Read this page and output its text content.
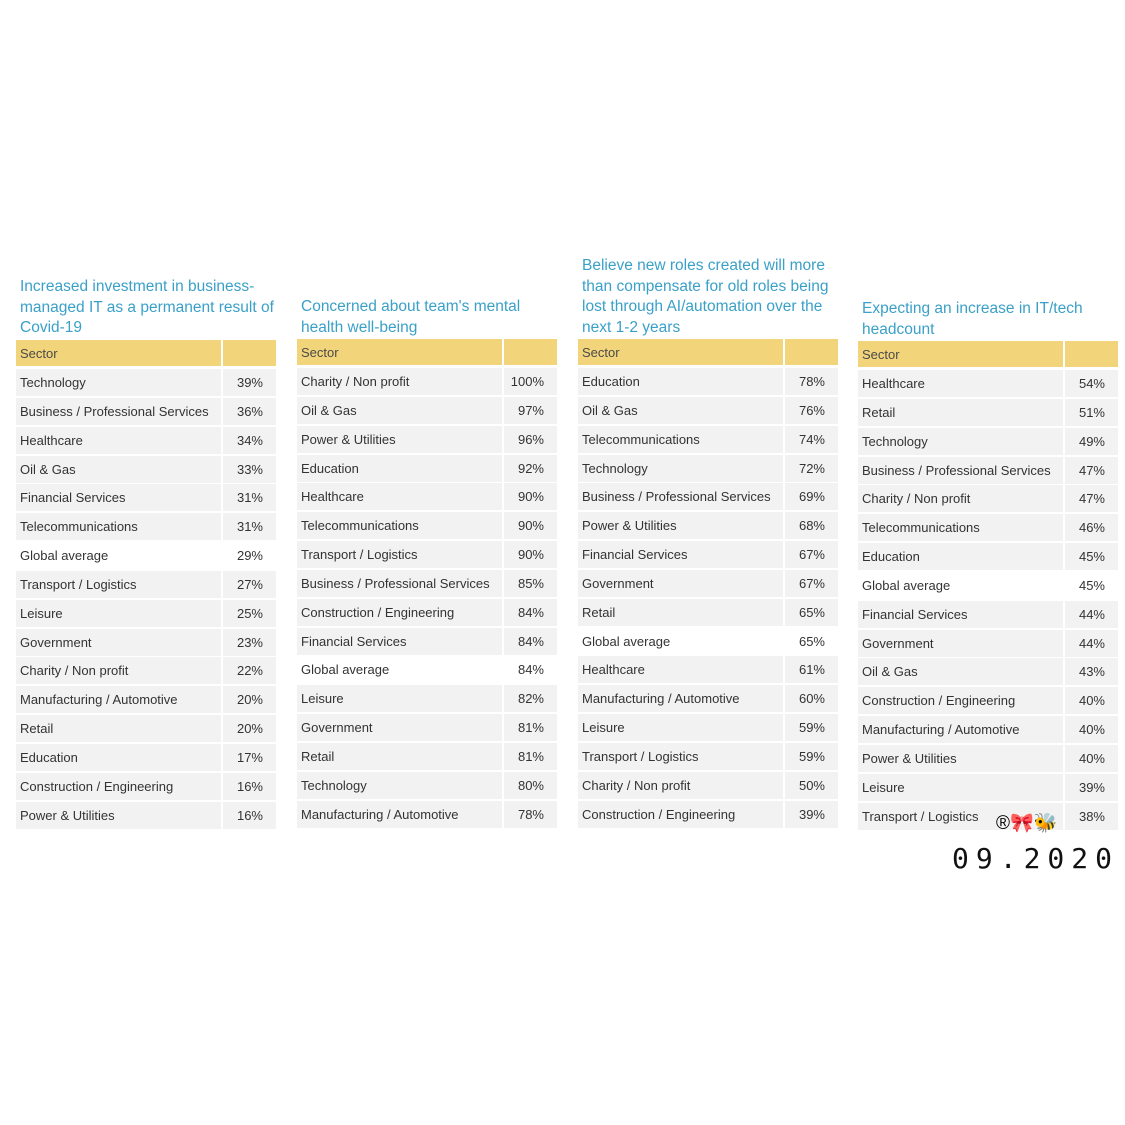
Increased investment in business-managed IT as a permanent result of Covid-19
Sector
Technology	39%
Business / Professional Services	36%
Healthcare	34%
Oil & Gas	33%
Financial Services	31%
Telecommunications	31%
Global average	29%
Transport / Logistics	27%
Leisure	25%
Government	23%
Charity / Non profit	22%
Manufacturing / Automotive	20%
Retail	20%
Education	17%
Construction / Engineering	16%
Power & Utilities	16%
Concerned about team's mental health well-being
Sector
Charity / Non profit	100%
Oil & Gas	97%
Power & Utilities	96%
Education	92%
Healthcare	90%
Telecommunications	90%
Transport / Logistics	90%
Business / Professional Services	85%
Construction / Engineering	84%
Financial Services	84%
Global average	84%
Leisure	82%
Government	81%
Retail	81%
Technology	80%
Manufacturing / Automotive	78%
Believe new roles created will more than compensate for old roles being lost through AI/automation over the next 1-2 years
Sector
Education	78%
Oil & Gas	76%
Telecommunications	74%
Technology	72%
Business / Professional Services	69%
Power & Utilities	68%
Financial Services	67%
Government	67%
Retail	65%
Global average	65%
Healthcare	61%
Manufacturing / Automotive	60%
Leisure	59%
Transport / Logistics	59%
Charity / Non profit	50%
Construction / Engineering	39%
Expecting an increase in IT/tech headcount
Sector
Healthcare	54%
Retail	51%
Technology	49%
Business / Professional Services	47%
Charity / Non profit	47%
Telecommunications	46%
Education	45%
Global average	45%
Financial Services	44%
Government	44%
Oil & Gas	43%
Construction / Engineering	40%
Manufacturing / Automotive	40%
Power & Utilities	40%
Leisure	39%
Transport / Logistics	38%
®🎀🐝
09.2020
